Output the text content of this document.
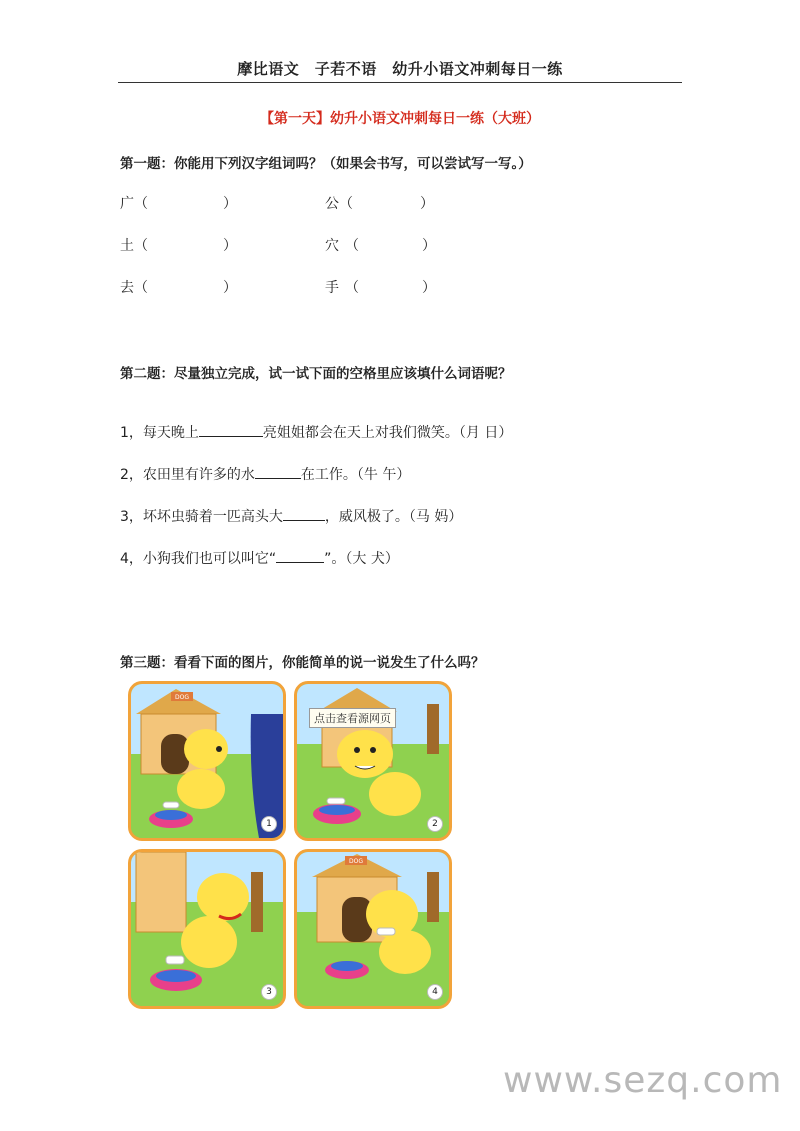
摩比语文　子若不语　幼升小语文冲刺每日一练
【第一天】幼升小语文冲刺每日一练（大班）
第一题：你能用下列汉字组词吗？（如果会书写，可以尝试写一写。）
广（	）	公（	）
土（	）	穴 （	）
去（	）	手 （	）
第二题：尽量独立完成，试一试下面的空格里应该填什么词语呢？
1，每天晚上	亮姐姐都会在天上对我们微笑。（月 日）
2，农田里有许多的水	在工作。（牛 午）
3，坏坏虫骑着一匹高头大	，威风极了。（马 妈）
4，小狗我们也可以叫它“	”。（大 犬）
第三题：看看下面的图片，你能简单的说一说发生了什么吗？
DOG
1	2
3
DOG
4
点击查看源网页
www.sezq.com
